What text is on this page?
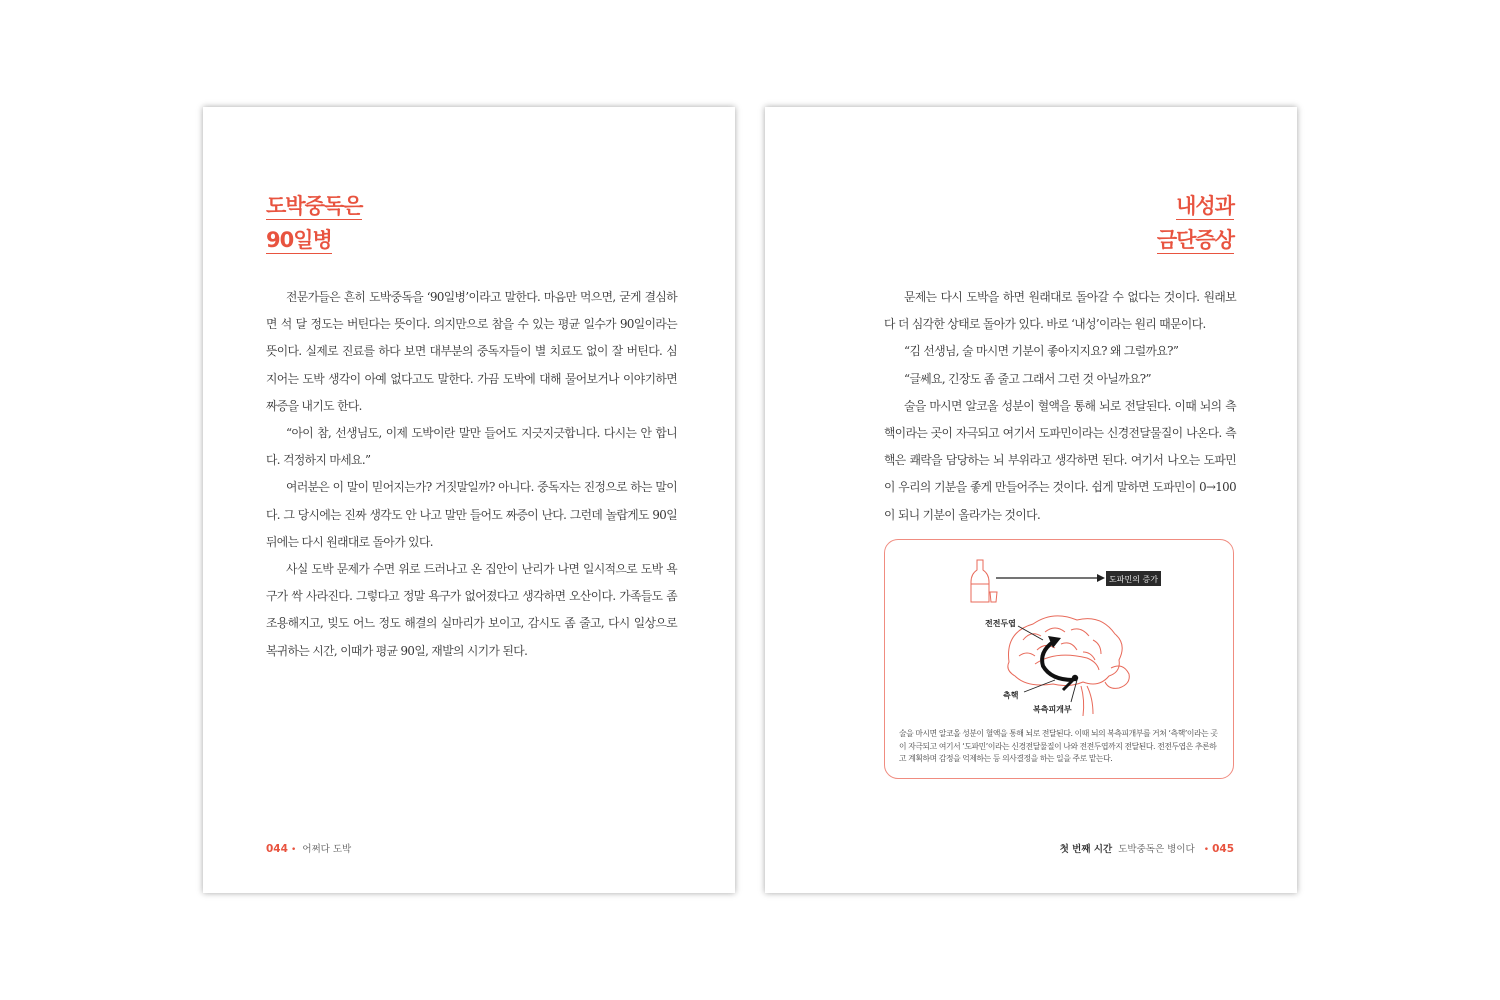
도박중독은
90일병

전문가들은 흔히 도박중독을 ‘90일병’이라고 말한다. 마음만 먹으면, 굳게 결심하면 석 달 정도는 버틴다는 뜻이다. 의지만으로 참을 수 있는 평균 일수가 90일이라는 뜻이다. 실제로 진료를 하다 보면 대부분의 중독자들이 별 치료도 없이 잘 버틴다. 심지어는 도박 생각이 아예 없다고도 말한다. 가끔 도박에 대해 물어보거나 이야기하면 짜증을 내기도 한다.

“아이 참, 선생님도, 이제 도박이란 말만 들어도 지긋지긋합니다. 다시는 안 합니다. 걱정하지 마세요.”

여러분은 이 말이 믿어지는가? 거짓말일까? 아니다. 중독자는 진정으로 하는 말이다. 그 당시에는 진짜 생각도 안 나고 말만 들어도 짜증이 난다. 그런데 놀랍게도 90일 뒤에는 다시 원래대로 돌아가 있다.

사실 도박 문제가 수면 위로 드러나고 온 집안이 난리가 나면 일시적으로 도박 욕구가 싹 사라진다. 그렇다고 정말 욕구가 없어졌다고 생각하면 오산이다. 가족들도 좀 조용해지고, 빚도 어느 정도 해결의 실마리가 보이고, 감시도 좀 줄고, 다시 일상으로 복귀하는 시간, 이때가 평균 90일, 재발의 시기가 된다.

044 • 어쩌다 도박
내성과
금단증상

문제는 다시 도박을 하면 원래대로 돌아갈 수 없다는 것이다. 원래보다 더 심각한 상태로 돌아가 있다. 바로 ‘내성’이라는 원리 때문이다.

“김 선생님, 술 마시면 기분이 좋아지지요? 왜 그럴까요?”

“글쎄요, 긴장도 좀 줄고 그래서 그런 것 아닐까요?”

술을 마시면 알코올 성분이 혈액을 통해 뇌로 전달된다. 이때 뇌의 측핵이라는 곳이 자극되고 여기서 도파민이라는 신경전달물질이 나온다. 측핵은 쾌락을 담당하는 뇌 부위라고 생각하면 된다. 여기서 나오는 도파민이 우리의 기분을 좋게 만들어주는 것이다. 쉽게 말하면 도파민이 0→100이 되니 기분이 올라가는 것이다.

도파민의 증가
전전두엽
측핵
복측피개부

술을 마시면 알코올 성분이 혈액을 통해 뇌로 전달된다. 이때 뇌의 복측피개부를 거쳐 ‘측핵’이라는 곳이 자극되고 여기서 ‘도파민’이라는 신경전달물질이 나와 전전두엽까지 전달된다. 전전두엽은 추론하고 계획하며 감정을 억제하는 등 의사결정을 하는 일을 주로 맡는다.

첫 번째 시간 도박중독은 병이다 • 045
